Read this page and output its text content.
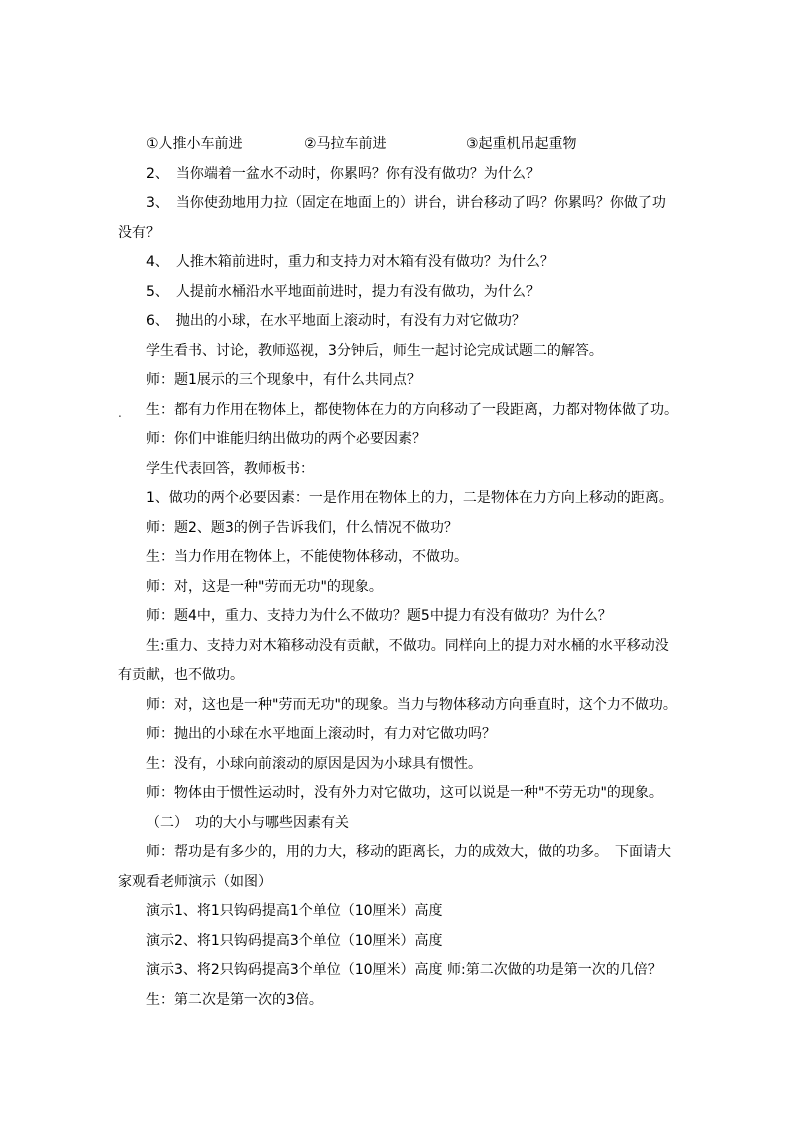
.
①人推小车前进	②马拉车前进	③起重机吊起重物

2、　当你端着一盆水不动时，你累吗？你有没有做功？为什么？

3、　当你使劲地用力拉（固定在地面上的）讲台，讲台移动了吗？你累吗？你做了功没有？

4、　人推木箱前进时，重力和支持力对木箱有没有做功？为什么？

5、　人提前水桶沿水平地面前进时，提力有没有做功，为什么？

6、　抛出的小球，在水平地面上滚动时，有没有力对它做功？

学生看书、讨论，教师巡视，3分钟后，师生一起讨论完成试题二的解答。

师：题1展示的三个现象中，有什么共同点？

生：都有力作用在物体上，都使物体在力的方向移动了一段距离，力都对物体做了功。

师：你们中谁能归纳出做功的两个必要因素？

学生代表回答，教师板书：

1、做功的两个必要因素：一是作用在物体上的力，二是物体在力方向上移动的距离。

师：题2、题3的例子告诉我们，什么情况不做功？

生：当力作用在物体上，不能使物体移动，不做功。

师：对，这是一种"劳而无功"的现象。

师：题4中，重力、支持力为什么不做功？题5中提力有没有做功？为什么？

生:重力、支持力对木箱移动没有贡献，不做功。同样向上的提力对水桶的水平移动没有贡献，也不做功。

师：对，这也是一种"劳而无功"的现象。当力与物体移动方向垂直时，这个力不做功。

师：抛出的小球在水平地面上滚动时，有力对它做功吗？

生：没有，小球向前滚动的原因是因为小球具有惯性。

师：物体由于惯性运动时，没有外力对它做功，这可以说是一种"不劳无功"的现象。

（二）　功的大小与哪些因素有关

师：帮功是有多少的，用的力大，移动的距离长，力的成效大，做的功多。　下面请大家观看老师演示（如图）

演示1、将1只钩码提高1个单位（10厘米）高度

演示2、将1只钩码提高3个单位（10厘米）高度

演示3、将2只钩码提高3个单位（10厘米）高度 师:第二次做的功是第一次的几倍？

生：第二次是第一次的3倍。
